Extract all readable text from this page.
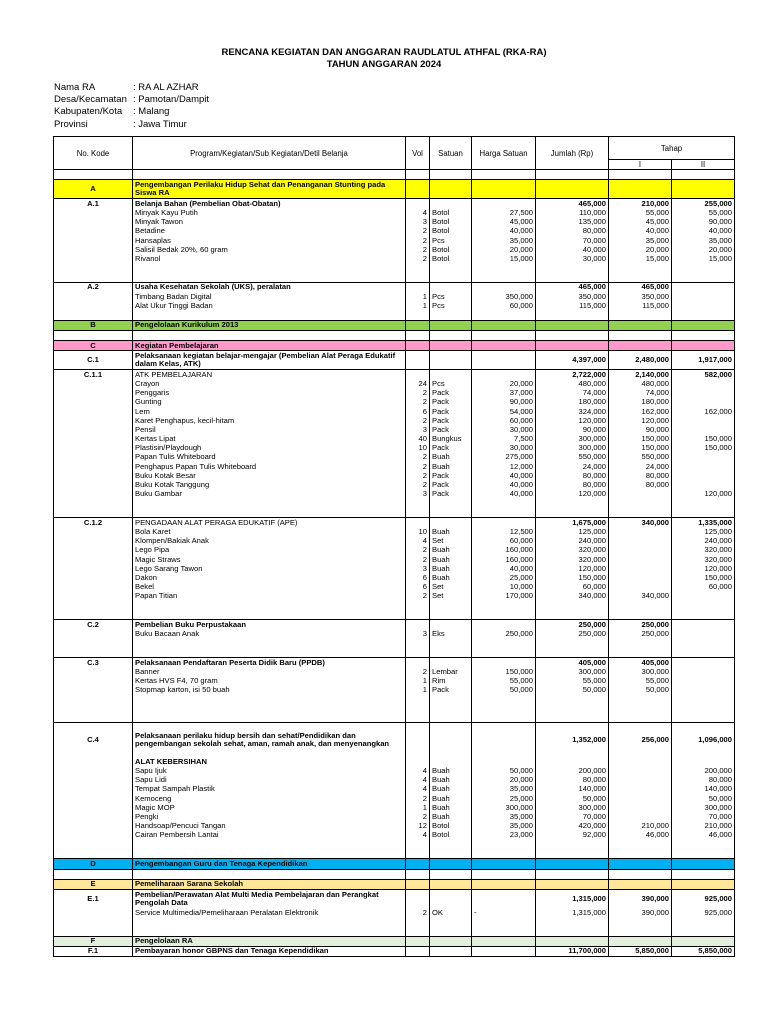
RENCANA KEGIATAN DAN ANGGARAN RAUDLATUL ATHFAL (RKA-RA)
TAHUN ANGGARAN 2024
Nama RA	: RA AL AZHAR
Desa/Kecamatan : Pamotan/Dampit
Kabupaten/Kota	: Malang
Provinsi	: Jawa Timur
No. Kode	Program/Kegiatan/Sub Kegiatan/Detil Belanja	Vol	Satuan	Harga Satuan	Jumlah (Rp)	Tahap	
						I	II

A	Pengembangan Perilaku Hidup Sehat dan Penanganan Stunting pada Siswa RA						
A.1	Belanja Bahan (Pembelian Obat-Obatan)				465,000	210,000	255,000
	Minyak Kayu Putih	4	Botol	27,500	110,000	55,000	55,000
	Minyak Tawon	3	Botol	45,000	135,000	45,000	90,000
	Betadine	2	Botol	40,000	80,000	40,000	40,000
	Hansaplas	2	Pcs	35,000	70,000	35,000	35,000
	Salisil Bedak 20%, 60 gram	2	Botol	20,000	40,000	20,000	20,000
	Rivanol	2	Botol	15,000	30,000	15,000	15,000

A.2	Usaha Kesehatan Sekolah (UKS), peralatan				465,000	465,000	
	Timbang Badan Digital	1	Pcs	350,000	350,000	350,000	
	Alat Ukur Tinggi Badan	1	Pcs	60,000	115,000	115,000	

B	Pengelolaan Kurikulum 2013						

C	Kegiatan Pembelajaran						
C.1	Pelaksanaan kegiatan belajar-mengajar (Pembelian Alat Peraga Edukatif dalam Kelas, ATK)				4,397,000	2,480,000	1,917,000
C.1.1	ATK PEMBELAJARAN				2,722,000	2,140,000	582,000
	Crayon	24	Pcs	20,000	480,000	480,000	
	Penggaris	2	Pack	37,000	74,000	74,000	
	Gunting	2	Pack	90,000	180,000	180,000	
	Lem	6	Pack	54,000	324,000	162,000	162,000
	Karet Penghapus, kecil-hitam	2	Pack	60,000	120,000	120,000	
	Pensil	3	Pack	30,000	90,000	90,000	
	Kertas Lipat	40	Bungkus	7,500	300,000	150,000	150,000
	Plastisin/Playdough	10	Pack	30,000	300,000	150,000	150,000
	Papan Tulis Whiteboard	2	Buah	275,000	550,000	550,000	
	Penghapus Papan Tulis Whiteboard	2	Buah	12,000	24,000	24,000	
	Buku Kotak Besar	2	Pack	40,000	80,000	80,000	
	Buku Kotak Tanggung	2	Pack	40,000	80,000	80,000	
	Buku Gambar	3	Pack	40,000	120,000		120,000

C.1.2	PENGADAAN ALAT PERAGA EDUKATIF (APE)				1,675,000	340,000	1,335,000
	Bola Karet	10	Buah	12,500	125,000		125,000
	Klompen/Bakiak Anak	4	Set	60,000	240,000		240,000
	Lego Pipa	2	Buah	160,000	320,000		320,000
	Magic Straws	2	Buah	160,000	320,000		320,000
	Lego Sarang Tawon	3	Buah	40,000	120,000		120,000
	Dakon	6	Buah	25,000	150,000		150,000
	Bekel	6	Set	10,000	60,000		60,000
	Papan Titian	2	Set	170,000	340,000	340,000	

C.2	Pembelian Buku Perpustakaan				250,000	250,000	
	Buku Bacaan Anak	3	Eks	250,000	250,000	250,000	

C.3	Pelaksanaan Pendaftaran Peserta Didik Baru (PPDB)				405,000	405,000	
	Banner	2	Lembar	150,000	300,000	300,000	
	Kertas HVS F4, 70 gram	1	Rim	55,000	55,000	55,000	
	Stopmap karton, isi 50 buah	1	Pack	50,000	50,000	50,000	

C.4	Pelaksanaan perilaku hidup bersih dan sehat/Pendidikan dan pengembangan sekolah sehat, aman, ramah anak, dan menyenangkan				1,352,000	256,000	1,096,000
	ALAT KEBERSIHAN						
	Sapu Ijuk	4	Buah	50,000	200,000		200,000
	Sapu Lidi	4	Buah	20,000	80,000		80,000
	Tempat Sampah Plastik	4	Buah	35,000	140,000		140,000
	Kemoceng	2	Buah	25,000	50,000		50,000
	Magic MOP	1	Buah	300,000	300,000		300,000
	Pengki	2	Buah	35,000	70,000		70,000
	Handsoap/Pencuci Tangan	12	Botol	35,000	420,000	210,000	210,000
	Cairan Pembersih Lantai	4	Botol	23,000	92,000	46,000	46,000

D	Pengembangan Guru dan Tenaga Kependidikan						

E	Pemeliharaan Sarana Sekolah						
E.1	Pembelian/Perawatan Alat Multi Media Pembelajaran dan Perangkat Pengolah Data				1,315,000	390,000	925,000
	Service Multimedia/Pemeliharaan Peralatan Elektronik	2	OK	-	1,315,000	390,000	925,000

F	Pengelolaan RA						
F.1	Pembayaran honor GBPNS dan Tenaga Kependidikan				11,700,000	5,850,000	5,850,000
